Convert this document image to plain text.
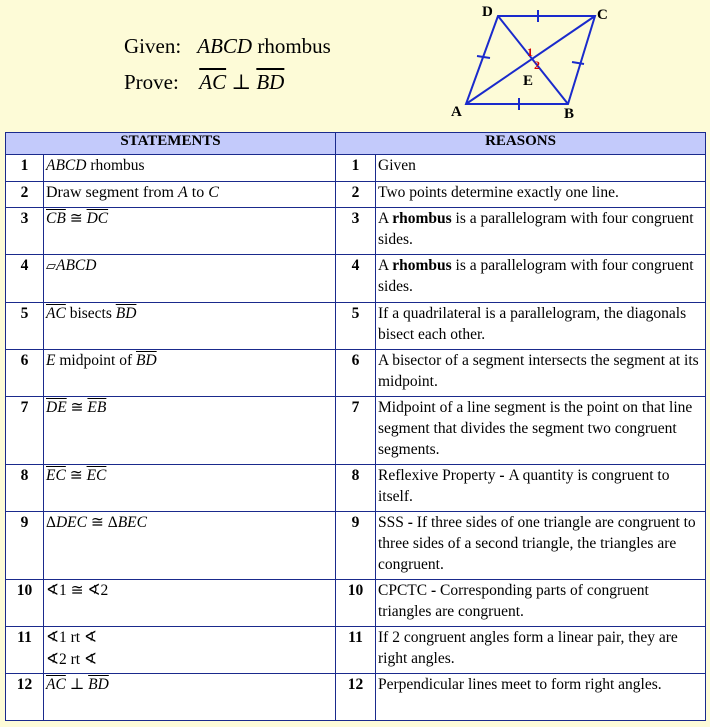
Given: ABCD rhombus
Prove: $\overline{AC}$ ⊥ $\overline{BD}$
D	C
A	B
E
1
2
STATEMENTS		REASONS	
1	ABCD rhombus	1	Given
2	Draw segment from A to C	2	Two points determine exactly one line.
3	$\overline{CB}$ ≅ $\overline{DC}$	3	A rhombus is a parallelogram with four congruent sides.
4	▱ABCD	4	A rhombus is a parallelogram with four congruent sides.
5	$\overline{AC}$ bisects $\overline{BD}$	5	If a quadrilateral is a parallelogram, the diagonals bisect each other.
6	E midpoint of $\overline{BD}$	6	A bisector of a segment intersects the segment at its midpoint.
7	$\overline{DE}$ ≅ $\overline{EB}$	7	Midpoint of a line segment is the point on that line segment that divides the segment two congruent segments.
8	$\overline{EC}$ ≅ $\overline{EC}$	8	Reflexive Property - A quantity is congruent to itself.
9	ΔDEC ≅ ΔBEC	9	SSS - If three sides of one triangle are congruent to three sides of a second triangle, the triangles are congruent.
10	∢1 ≅ ∢2	10	CPCTC - Corresponding parts of congruent triangles are congruent.
11	∢1 rt ∢
∢2 rt ∢	11	If 2 congruent angles form a linear pair, they are right angles.
12	$\overline{AC}$ ⊥ $\overline{BD}$	12	Perpendicular lines meet to form right angles.
